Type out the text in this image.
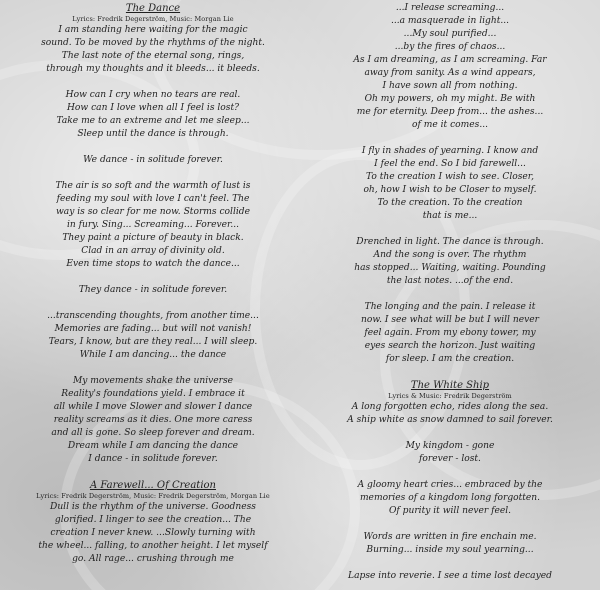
The Dance
Lyrics: Fredrik Degerström, Music: Morgan Lie
I am standing here waiting for the magic
sound. To be moved by the rhythms of the night.
The last note of the eternal song, rings,
through my thoughts and it bleeds... it bleeds.
How can I cry when no tears are real.
How can I love when all I feel is lost?
Take me to an extreme and let me sleep...
Sleep until the dance is through.
We dance - in solitude forever.
The air is so soft and the warmth of lust is
feeding my soul with love I can't feel. The
way is so clear for me now. Storms collide
in fury. Sing... Screaming... Forever...
They paint a picture of beauty in black.
Clad in an array of divinity old.
Even time stops to watch the dance...
They dance - in solitude forever.
...transcending thoughts, from another time...
Memories are fading... but will not vanish!
Tears, I know, but are they real... I will sleep.
While I am dancing... the dance
My movements shake the universe
Reality's foundations yield. I embrace it
all while I move Slower and slower I dance
reality screams as it dies. One more caress
and all is gone. So sleep forever and dream.
Dream while I am dancing the dance
I dance - in solitude forever.
A Farewell... Of Creation
Lyrics: Fredrik Degerström, Music: Fredrik Degerström, Morgan Lie
Dull is the rhythm of the universe. Goodness
glorified. I linger to see the creation... The
creation I never knew. ...Slowly turning with
the wheel... falling, to another height. I let myself
go. All rage... crushing through me
...I release screaming...
...a masquerade in light...
...My soul purified...
...by the fires of chaos...
As I am dreaming, as I am screaming. Far
away from sanity. As a wind appears,
I have sown all from nothing.
Oh my powers, oh my might. Be with
me for eternity. Deep from... the ashes...
of me it comes...
I fly in shades of yearning. I know and
I feel the end. So I bid farewell...
To the creation I wish to see. Closer,
oh, how I wish to be Closer to myself.
To the creation. To the creation
that is me...
Drenched in light. The dance is through.
And the song is over. The rhythm
has stopped... Waiting, waiting. Pounding
the last notes. ...of the end.
The longing and the pain. I release it
now. I see what will be but I will never
feel again. From my ebony tower, my
eyes search the horizon. Just waiting
for sleep. I am the creation.
The White Ship
Lyrics & Music: Fredrik Degerström
A long forgotten echo, rides along the sea.
A ship white as snow damned to sail forever.
My kingdom - gone
forever - lost.
A gloomy heart cries... embraced by the
memories of a kingdom long forgotten.
Of purity it will never feel.
Words are written in fire enchain me.
Burning... inside my soul yearning...
Lapse into reverie. I see a time lost decayed
